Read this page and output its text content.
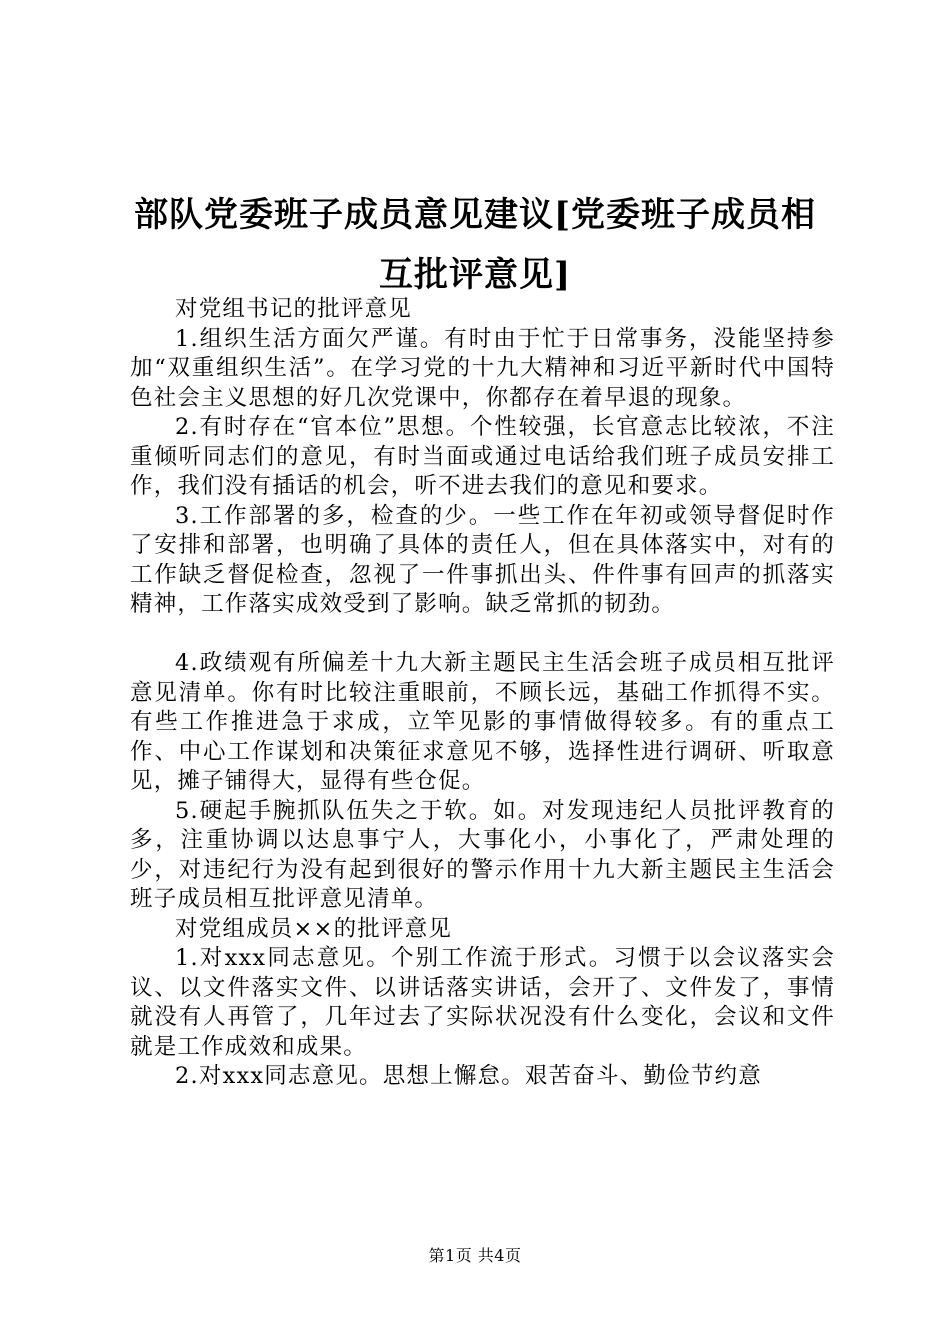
部队党委班子成员意见建议[党委班子成员相互批评意见]

对党组书记的批评意见

1.组织生活方面欠严谨。有时由于忙于日常事务，没能坚持参加“双重组织生活”。在学习党的十九大精神和习近平新时代中国特色社会主义思想的好几次党课中，你都存在着早退的现象。

2.有时存在“官本位”思想。个性较强，长官意志比较浓，不注重倾听同志们的意见，有时当面或通过电话给我们班子成员安排工作，我们没有插话的机会，听不进去我们的意见和要求。

3.工作部署的多，检查的少。一些工作在年初或领导督促时作了安排和部署，也明确了具体的责任人，但在具体落实中，对有的工作缺乏督促检查，忽视了一件事抓出头、件件事有回声的抓落实精神，工作落实成效受到了影响。缺乏常抓的韧劲。

4.政绩观有所偏差十九大新主题民主生活会班子成员相互批评意见清单。你有时比较注重眼前，不顾长远，基础工作抓得不实。有些工作推进急于求成，立竿见影的事情做得较多。有的重点工作、中心工作谋划和决策征求意见不够，选择性进行调研、听取意见，摊子铺得大，显得有些仓促。

5.硬起手腕抓队伍失之于软。如。对发现违纪人员批评教育的多，注重协调以达息事宁人，大事化小，小事化了，严肃处理的少，对违纪行为没有起到很好的警示作用十九大新主题民主生活会班子成员相互批评意见清单。

对党组成员××的批评意见

1.对xxx同志意见。个别工作流于形式。习惯于以会议落实会议、以文件落实文件、以讲话落实讲话，会开了、文件发了，事情就没有人再管了，几年过去了实际状况没有什么变化，会议和文件就是工作成效和成果。

2.对xxx同志意见。思想上懈怠。艰苦奋斗、勤俭节约意

第1页 共4页
